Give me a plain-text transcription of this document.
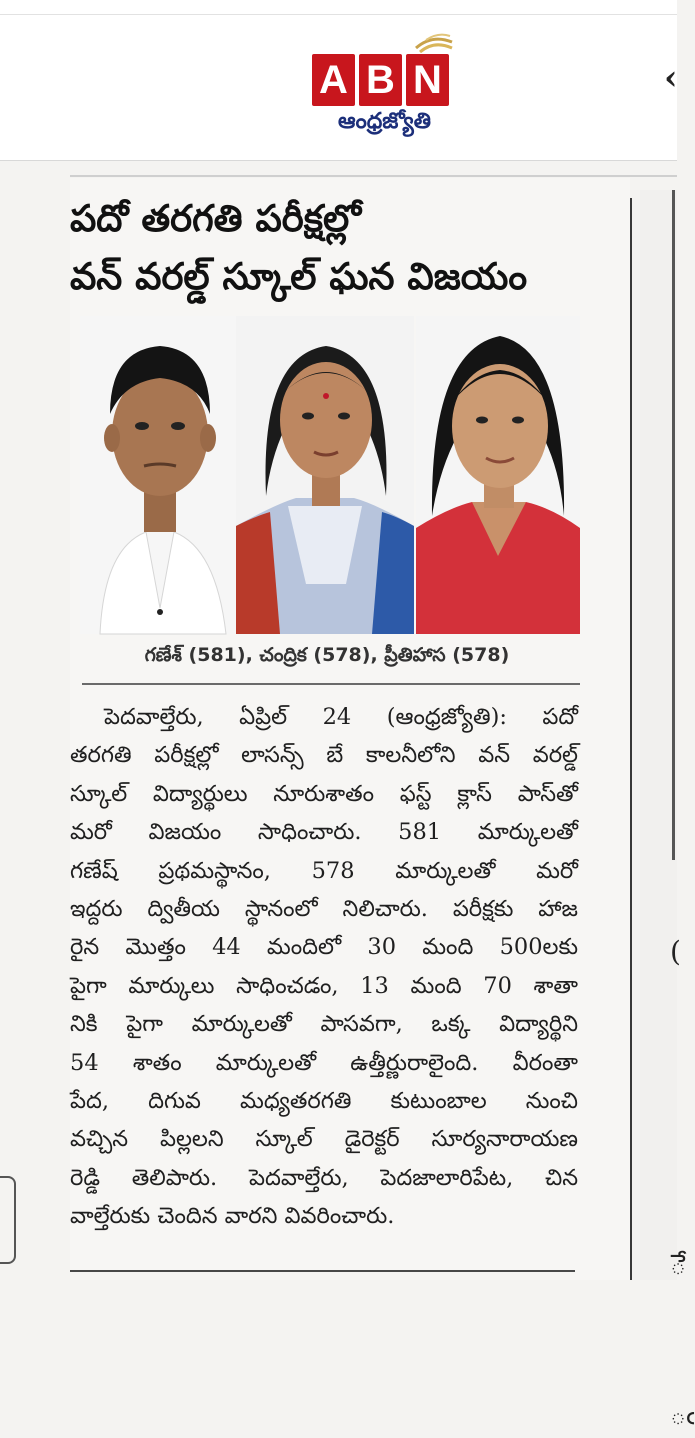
A B N
ఆంధ్రజ్యోతి
‹
(
ే
ఁ
పదో తరగతి పరీక్షల్లో
వన్ వరల్డ్ స్కూల్ ఘన విజయం
గణేశ్ (581), చంద్రిక (578), ప్రీతిహాస (578)
పెదవాల్తేరు, ఏప్రిల్ 24 (ఆంధ్రజ్యోతి): పదో
తరగతి పరీక్షల్లో లాసన్స్ బే కాలనీలోని వన్ వరల్డ్
స్కూల్ విద్యార్థులు నూరుశాతం ఫస్ట్ క్లాస్ పాస్‌తో
మరో విజయం సాధించారు. 581 మార్కులతో
గణేష్ ప్రథమస్థానం, 578 మార్కులతో మరో
ఇద్దరు ద్వితీయ స్థానంలో నిలిచారు. పరీక్షకు హాజ
రైన మొత్తం 44 మందిలో 30 మంది 500లకు
పైగా మార్కులు సాధించడం, 13 మంది 70 శాతా
నికి పైగా మార్కులతో పాసవగా, ఒక్క విద్యార్థిని
54 శాతం మార్కులతో ఉత్తీర్ణురాలైంది. వీరంతా
పేద, దిగువ మధ్యతరగతి కుటుంబాల నుంచి
వచ్చిన పిల్లలని స్కూల్ డైరెక్టర్ సూర్యనారాయణ
రెడ్డి తెలిపారు. పెదవాల్తేరు, పెదజాలారిపేట, చిన
వాల్తేరుకు చెందిన వారని వివరించారు.
